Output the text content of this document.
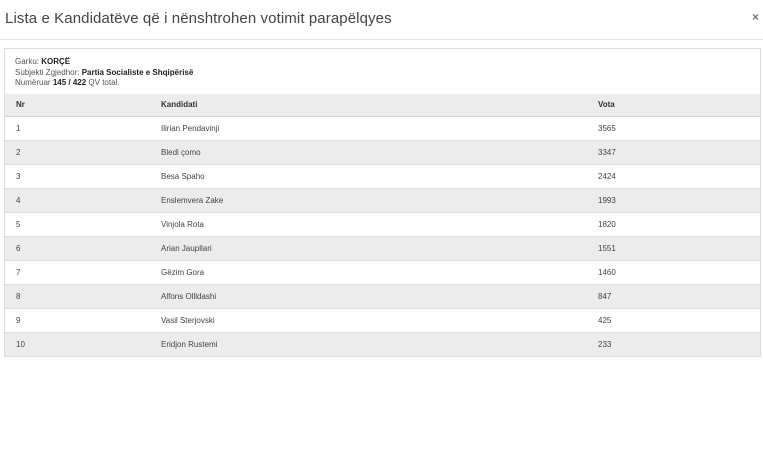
Lista e Kandidatëve që i nënshtrohen votimit parapëlqyes	×
Garku: KORÇË
Subjekti Zgjedhor: Partia Socialiste e Shqipërisë
Numëruar 145 / 422 QV total.
Nr	Kandidati	Vota
1	Ilirian Pendavinji	3565
2	Bledi çomo	3347
3	Besa Spaho	2424
4	Enslemvera Zake	1993
5	Vinjola Rota	1820
6	Arian Jaupllari	1551
7	Gëzim Gora	1460
8	Alfons Ollldashi	847
9	Vasil Sterjovski	425
10	Eridjon Rustemi	233
